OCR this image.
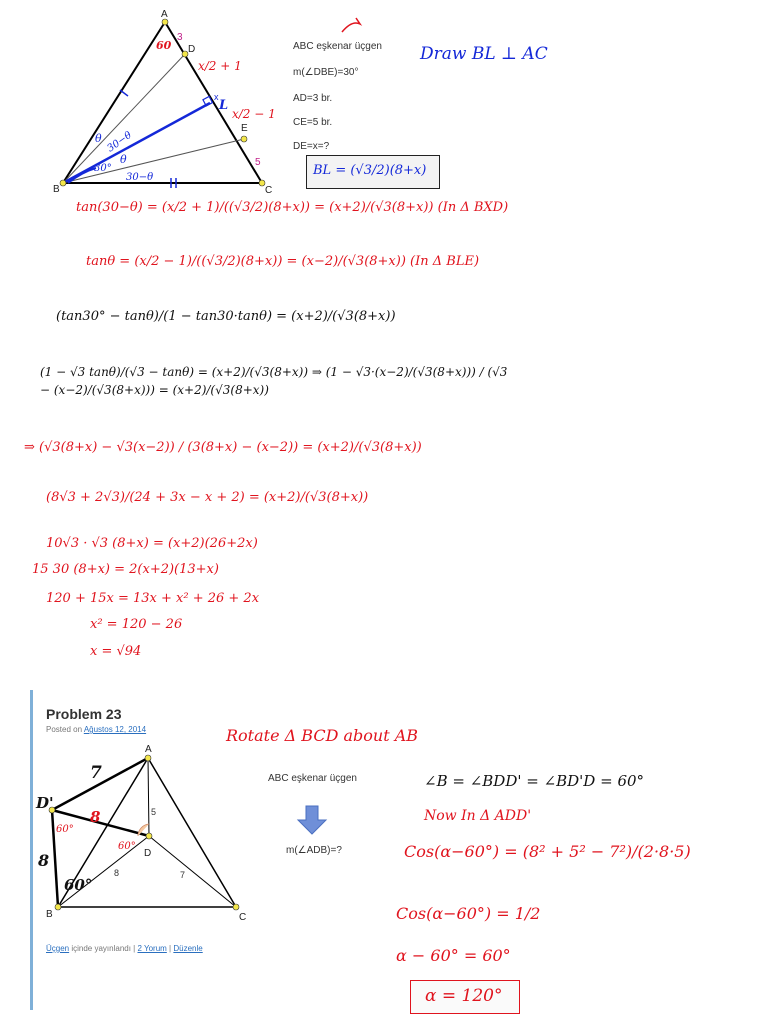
A
B	C
D
E
3
5
x
60
θ 30−θ
30°
θ
30−θ
x/2 + 1
x/2 − 1
L
ABC eşkenar üçgen
m(∠DBE)=30°
AD=3 br.
CE=5 br.
DE=x=?
Draw BL ⊥ AC
BL = (√3/2)(8+x)
tan(30−θ) = (x/2 + 1)/((√3/2)(8+x)) = (x+2)/(√3(8+x)) (In Δ BXD)
tanθ = (x/2 − 1)/((√3/2)(8+x)) = (x−2)/(√3(8+x)) (In Δ BLE)
(tan30° − tanθ)/(1 − tan30·tanθ) = (x+2)/(√3(8+x))
(1 − √3 tanθ)/(√3 − tanθ) = (x+2)/(√3(8+x)) ⇒ (1 − √3·(x−2)/(√3(8+x))) / (√3 − (x−2)/(√3(8+x))) = (x+2)/(√3(8+x))
⇒ (√3(8+x) − √3(x−2)) / (3(8+x) − (x−2)) = (x+2)/(√3(8+x))
(8√3 + 2√3)/(24 + 3x − x + 2) = (x+2)/(√3(8+x))
10√3 · √3 (8+x) = (x+2)(26+2x)
15 30 (8+x) = 2(x+2)(13+x)
120 + 15x = 13x + x² + 26 + 2x
x² = 120 − 26
x = √94
Problem 23
Posted on Ağustos 12, 2014
A
B	C
D
D'	5
8	7
7
8
8
60°
60°
60°
ABC eşkenar üçgen
m(∠ADB)=?
Üçgen içinde yayınlandı | 2 Yorum | Düzenle
Rotate Δ BCD about AB
∠B = ∠BDD' = ∠BD'D = 60°
Now In Δ ADD'
Cos(α−60°) = (8² + 5² − 7²)/(2·8·5)
Cos(α−60°) = 1/2
α − 60° = 60°
α = 120°
